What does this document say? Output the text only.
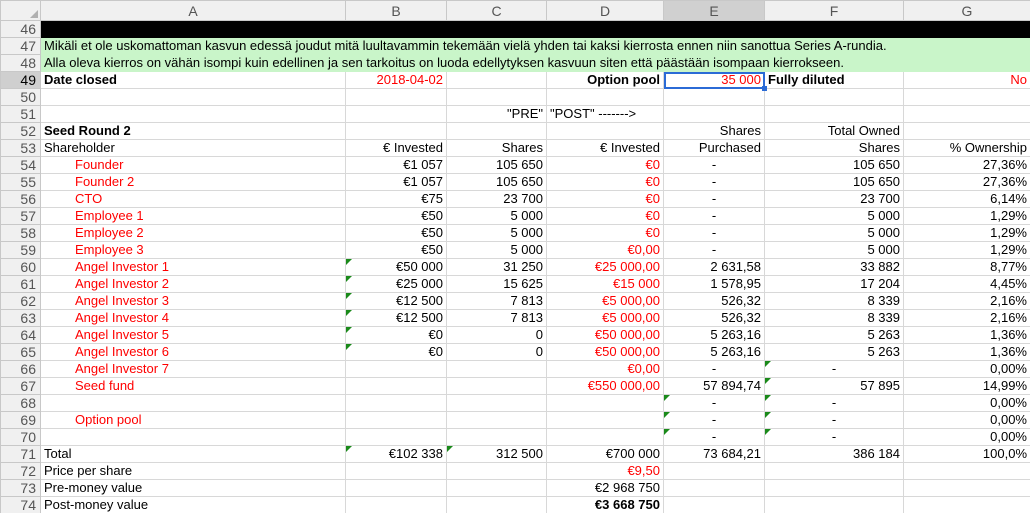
	A	B	C	D	E	F	G
46							
47	Mikäli et ole uskomattoman kasvun edessä joudut mitä luultavammin tekemään vielä yhden tai kaksi kierrosta ennen niin sanottua Series A-rundia.						
48	Alla oleva kierros on vähän isompi kuin edellinen ja sen tarkoitus on luoda edellytyksen kasvuun siten että päästään isompaan kierrokseen.						
49	Date closed	2018-04-02		Option pool	35 000	Fully diluted	No
50							
51			"PRE"	"POST" ------->			
52	Seed Round 2				Shares	Total Owned	
53	Shareholder	€ Invested	Shares	€ Invested	Purchased	Shares	% Ownership
54	Founder	€1 057	105 650	€0	-	105 650	27,36%
55	Founder 2	€1 057	105 650	€0	-	105 650	27,36%
56	CTO	€75	23 700	€0	-	23 700	6,14%
57	Employee 1	€50	5 000	€0	-	5 000	1,29%
58	Employee 2	€50	5 000	€0	-	5 000	1,29%
59	Employee 3	€50	5 000	€0,00	-	5 000	1,29%
60	Angel Investor 1	€50 000	31 250	€25 000,00	2 631,58	33 882	8,77%
61	Angel Investor 2	€25 000	15 625	€15 000	1 578,95	17 204	4,45%
62	Angel Investor 3	€12 500	7 813	€5 000,00	526,32	8 339	2,16%
63	Angel Investor 4	€12 500	7 813	€5 000,00	526,32	8 339	2,16%
64	Angel Investor 5	€0	0	€50 000,00	5 263,16	5 263	1,36%
65	Angel Investor 6	€0	0	€50 000,00	5 263,16	5 263	1,36%
66	Angel Investor 7			€0,00	-	-	0,00%
67	Seed fund			€550 000,00	57 894,74	57 895	14,99%
68					-	-	0,00%
69	Option pool				-	-	0,00%
70					-	-	0,00%
71	Total	€102 338	312 500	€700 000	73 684,21	386 184	100,0%
72	Price per share			€9,50			
73	Pre-money value			€2 968 750			
74	Post-money value			€3 668 750			
